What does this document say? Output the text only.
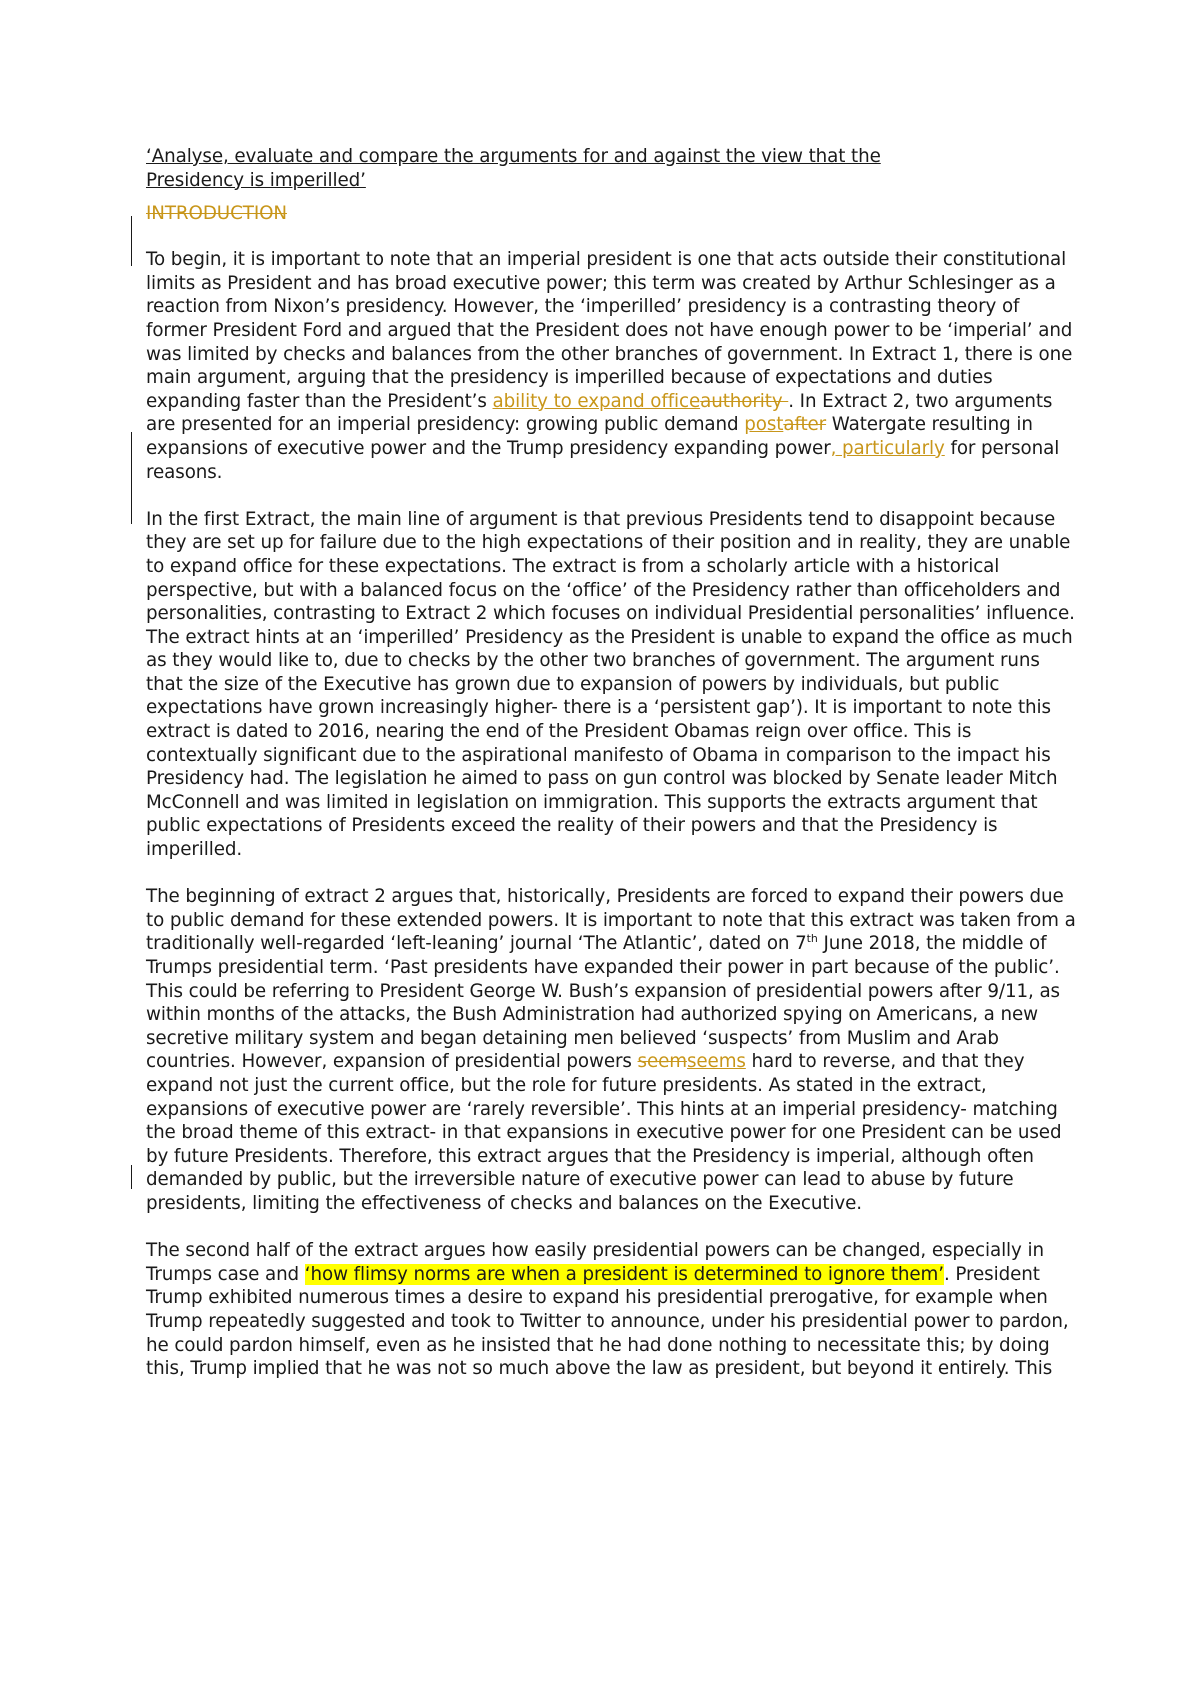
‘Analyse, evaluate and compare the arguments for and against the view that the
Presidency is imperilled’

INTRODUCTION

To begin, it is important to note that an imperial president is one that acts outside their constitutional limits as President and has broad executive power; this term was created by Arthur Schlesinger as a reaction from Nixon’s presidency. However, the ‘imperilled’ presidency is a contrasting theory of former President Ford and argued that the President does not have enough power to be ‘imperial’ and was limited by checks and balances from the other branches of government. In Extract 1, there is one main argument, arguing that the presidency is imperilled because of expectations and duties expanding faster than the President’s ability to expand officeauthority . In Extract 2, two arguments are presented for an imperial presidency: growing public demand postafter Watergate resulting in expansions of executive power and the Trump presidency expanding power, particularly for personal reasons.

In the first Extract, the main line of argument is that previous Presidents tend to disappoint because they are set up for failure due to the high expectations of their position and in reality, they are unable to expand office for these expectations. The extract is from a scholarly article with a historical perspective, but with a balanced focus on the ‘office’ of the Presidency rather than officeholders and personalities, contrasting to Extract 2 which focuses on individual Presidential personalities’ influence. The extract hints at an ‘imperilled’ Presidency as the President is unable to expand the office as much as they would like to, due to checks by the other two branches of government. The argument runs that the size of the Executive has grown due to expansion of powers by individuals, but public expectations have grown increasingly higher- there is a ‘persistent gap’). It is important to note this extract is dated to 2016, nearing the end of the President Obamas reign over office. This is contextually significant due to the aspirational manifesto of Obama in comparison to the impact his Presidency had. The legislation he aimed to pass on gun control was blocked by Senate leader Mitch McConnell and was limited in legislation on immigration. This supports the extracts argument that public expectations of Presidents exceed the reality of their powers and that the Presidency is imperilled.

The beginning of extract 2 argues that, historically, Presidents are forced to expand their powers due to public demand for these extended powers. It is important to note that this extract was taken from a traditionally well-regarded ‘left-leaning’ journal ‘The Atlantic’, dated on 7th June 2018, the middle of Trumps presidential term. ‘Past presidents have expanded their power in part because of the public’. This could be referring to President George W. Bush’s expansion of presidential powers after 9/11, as within months of the attacks, the Bush Administration had authorized spying on Americans, a new secretive military system and began detaining men believed ‘suspects’ from Muslim and Arab countries. However, expansion of presidential powers seemseems hard to reverse, and that they expand not just the current office, but the role for future presidents. As stated in the extract, expansions of executive power are ‘rarely reversible’. This hints at an imperial presidency- matching the broad theme of this extract- in that expansions in executive power for one President can be used by future Presidents. Therefore, this extract argues that the Presidency is imperial, although often demanded by public, but the irreversible nature of executive power can lead to abuse by future presidents, limiting the effectiveness of checks and balances on the Executive.

The second half of the extract argues how easily presidential powers can be changed, especially in Trumps case and ‘how flimsy norms are when a president is determined to ignore them’. President Trump exhibited numerous times a desire to expand his presidential prerogative, for example when Trump repeatedly suggested and took to Twitter to announce, under his presidential power to pardon, he could pardon himself, even as he insisted that he had done nothing to necessitate this; by doing this, Trump implied that he was not so much above the law as president, but beyond it entirely. This
